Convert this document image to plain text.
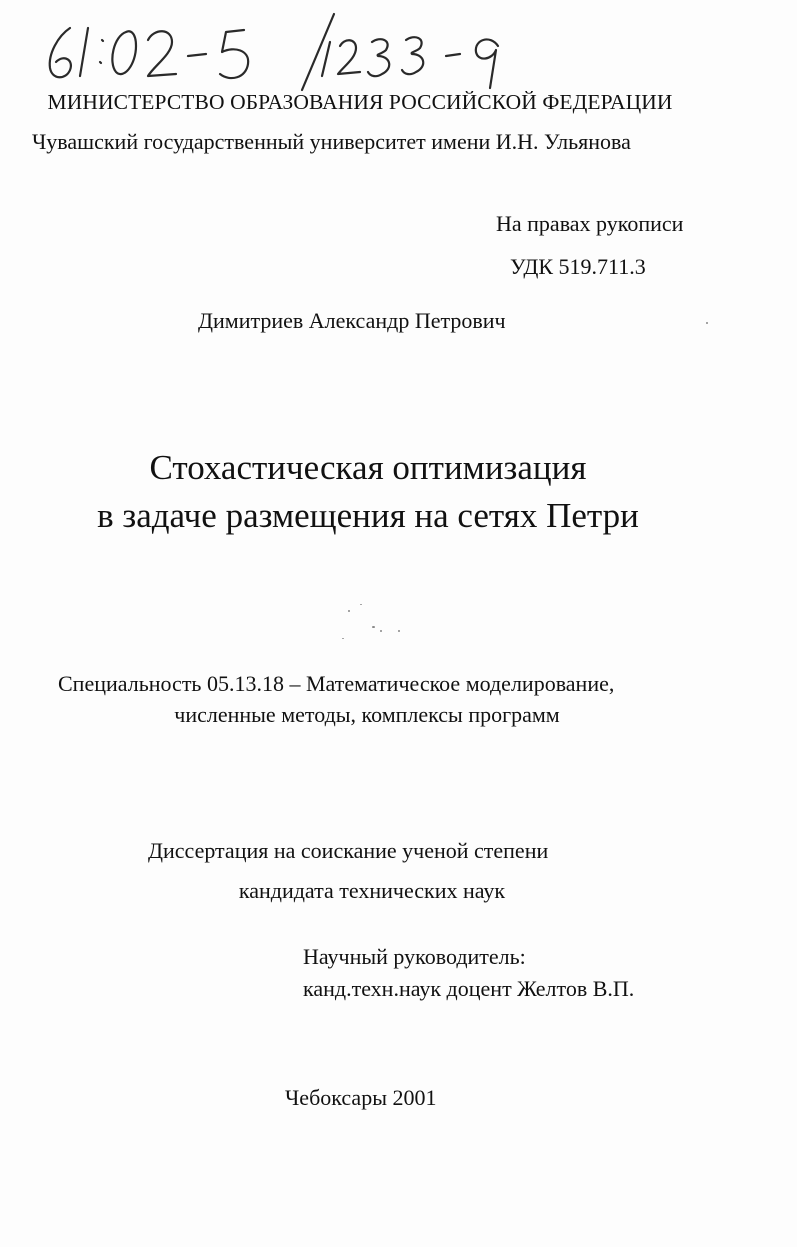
МИНИСТЕРСТВО ОБРАЗОВАНИЯ РОССИЙСКОЙ ФЕДЕРАЦИИ
Чувашский государственный университет имени И.Н. Ульянова
На правах рукописи
УДК 519.711.3
Димитриев Александр Петрович
Стохастическая оптимизация
в задаче размещения на сетях Петри
Специальность 05.13.18 – Математическое моделирование,
численные методы, комплексы программ
Диссертация на соискание ученой степени
кандидата технических наук
Научный руководитель:
канд.техн.наук доцент Желтов В.П.
Чебоксары 2001
